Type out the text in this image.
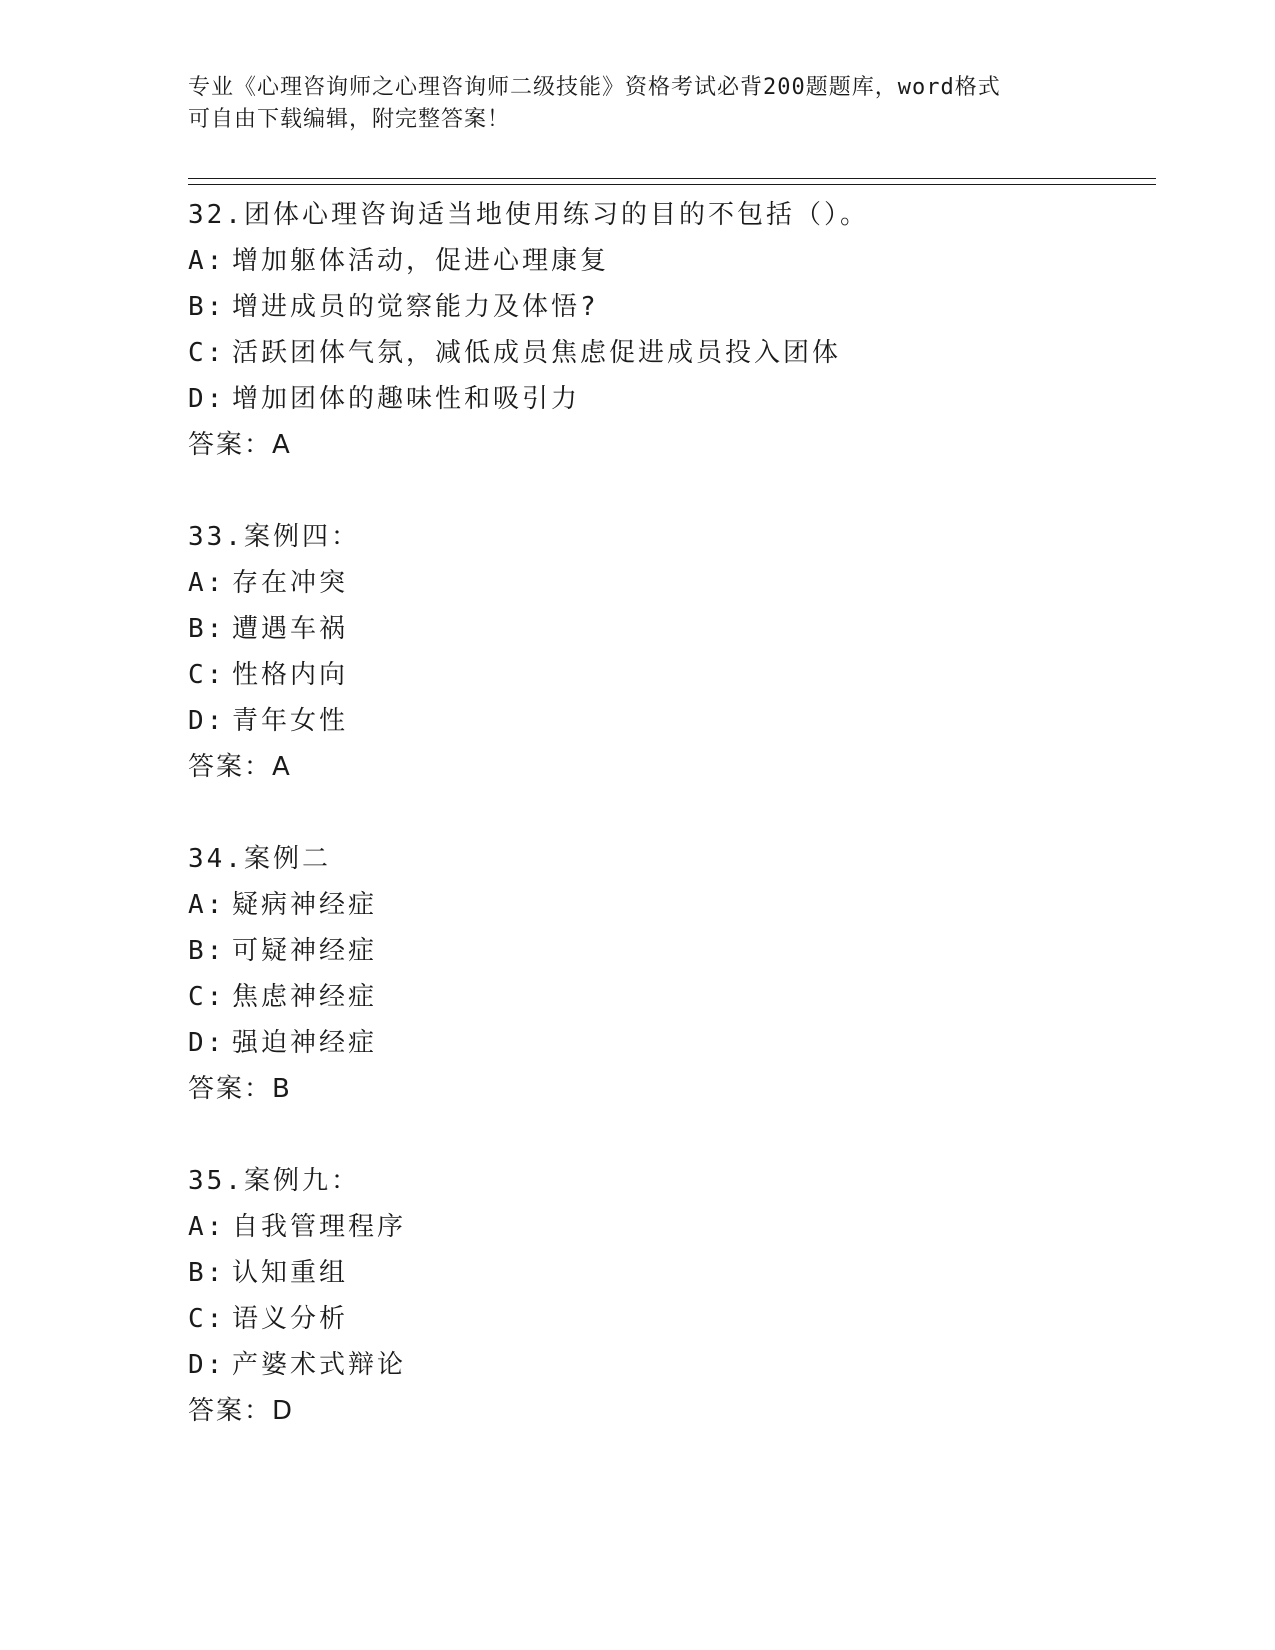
专业《心理咨询师之心理咨询师二级技能》资格考试必背200题题库，word格式
可自由下载编辑，附完整答案！
32.团体心理咨询适当地使用练习的目的不包括（）。
A: 增加躯体活动，促进心理康复
B: 增进成员的觉察能力及体悟?
C: 活跃团体气氛，减低成员焦虑促进成员投入团体
D: 增加团体的趣味性和吸引力
答案：A
33.案例四：
A: 存在冲突
B: 遭遇车祸
C: 性格内向
D: 青年女性
答案：A
34.案例二
A: 疑病神经症
B: 可疑神经症
C: 焦虑神经症
D: 强迫神经症
答案：B
35.案例九：
A: 自我管理程序
B: 认知重组
C: 语义分析
D: 产婆术式辩论
答案：D
